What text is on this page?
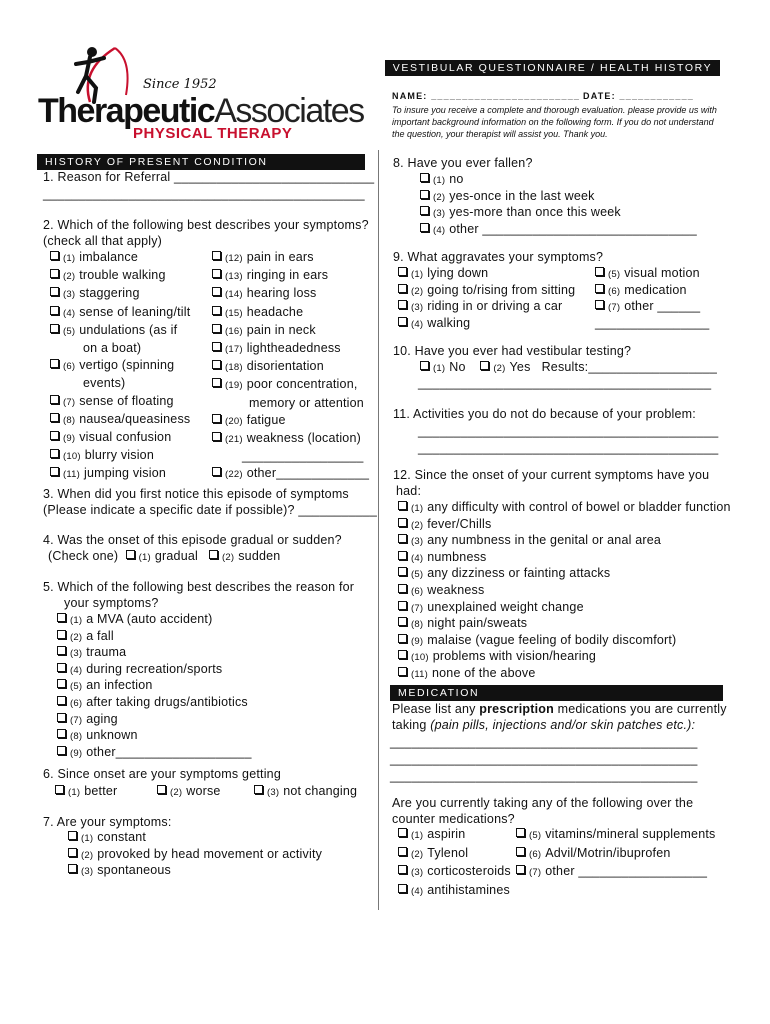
Since 1952
TherapeuticAssociates
PHYSICAL THERAPY
VESTIBULAR QUESTIONNAIRE / HEALTH HISTORY
NAME: ________________________ DATE: ____________
To insure you receive a complete and thorough evaluation. please provide us with important background information on the following form. If you do not understand the question, your therapist will assist you. Thank you.
HISTORY OF PRESENT CONDITION
1. Reason for Referral ____________________________
_____________________________________________
2. Which of the following best describes your symptoms?
(check all that apply)
(1) imbalance
(2) trouble walking
(3) staggering
(4) sense of leaning/tilt
(5) undulations (as if
on a boat)
(6) vertigo (spinning
events)
(7) sense of floating
(8) nausea/queasiness
(9) visual confusion
(10) blurry vision
(11) jumping vision
(12) pain in ears
(13) ringing in ears
(14) hearing loss
(15) headache
(16) pain in neck
(17) lightheadedness
(18) disorientation
(19) poor concentration,
memory or attention
(20) fatigue
(21) weakness (location)
_________________
(22) other_____________
3. When did you first notice this episode of symptoms
(Please indicate a specific date if possible)? ___________
4. Was the onset of this episode gradual or sudden?
(Check one) (1) gradual	(2) sudden
5. Which of the following best describes the reason for
your symptoms?
(1) a MVA (auto accident)
(2) a fall
(3) trauma
(4) during recreation/sports
(5) an infection
(6) after taking drugs/antibiotics
(7) aging
(8) unknown
(9) other___________________
6. Since onset are your symptoms getting
(1) better	(2) worse	(3) not changing
7. Are your symptoms:
(1) constant
(2) provoked by head movement or activity
(3) spontaneous
8. Have you ever fallen?
(1) no
(2) yes-once in the last week
(3) yes-more than once this week
(4) other ______________________________
9. What aggravates your symptoms?
(1) lying down
(2) going to/rising from sitting
(3) riding in or driving a car
(4) walking
(5) visual motion
(6) medication
(7) other ______
________________
10. Have you ever had vestibular testing?
(1) No	(2) Yes Results:__________________
_________________________________________
11. Activities you do not do because of your problem:
__________________________________________
__________________________________________
12. Since the onset of your current symptoms have you
had:
(1) any difficulty with control of bowel or bladder function
(2) fever/Chills
(3) any numbness in the genital or anal area
(4) numbness
(5) any dizziness or fainting attacks
(6) weakness
(7) unexplained weight change
(8) night pain/sweats
(9) malaise (vague feeling of bodily discomfort)
(10) problems with vision/hearing
(11) none of the above
MEDICATION
Please list any prescription medications you are currently
taking (pain pills, injections and/or skin patches etc.):
___________________________________________
___________________________________________
___________________________________________
Are you currently taking any of the following over the
counter medications?
(1) aspirin
(2) Tylenol
(3) corticosteroids
(4) antihistamines
(5) vitamins/mineral supplements
(6) Advil/Motrin/ibuprofen
(7) other __________________
